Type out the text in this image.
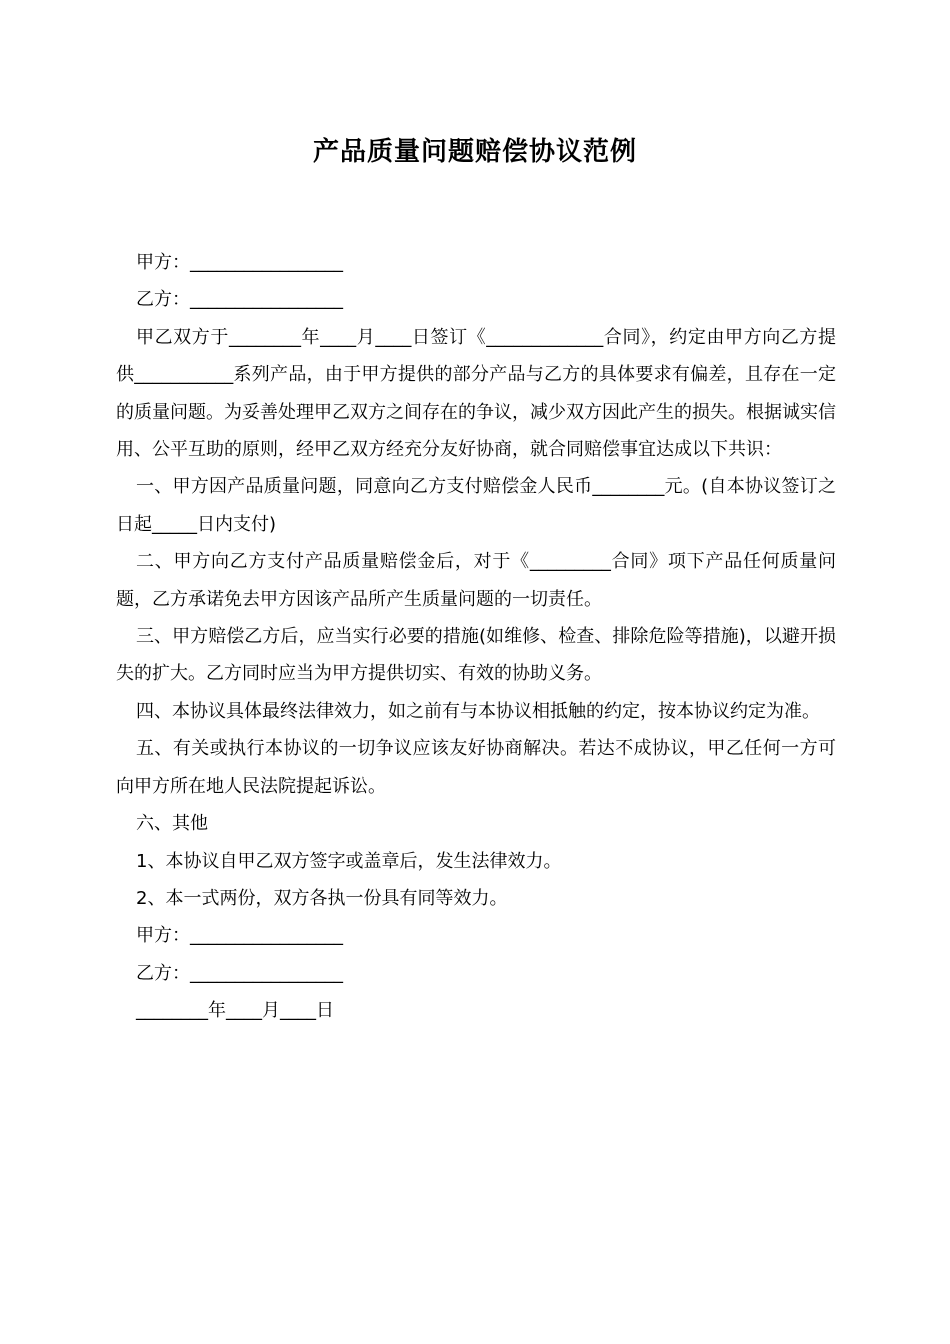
产品质量问题赔偿协议范例

甲方：_________________

乙方：_________________

甲乙双方于________年____月____日签订《_____________合同》，约定由甲方向乙方提供___________系列产品，由于甲方提供的部分产品与乙方的具体要求有偏差，且存在一定的质量问题。为妥善处理甲乙双方之间存在的争议，减少双方因此产生的损失。根据诚实信用、公平互助的原则，经甲乙双方经充分友好协商，就合同赔偿事宜达成以下共识：

一、甲方因产品质量问题，同意向乙方支付赔偿金人民币________元。(自本协议签订之日起_____日内支付)

二、甲方向乙方支付产品质量赔偿金后，对于《_________合同》项下产品任何质量问题，乙方承诺免去甲方因该产品所产生质量问题的一切责任。

三、甲方赔偿乙方后，应当实行必要的措施(如维修、检查、排除危险等措施)，以避开损失的扩大。乙方同时应当为甲方提供切实、有效的协助义务。

四、本协议具体最终法律效力，如之前有与本协议相抵触的约定，按本协议约定为准。

五、有关或执行本协议的一切争议应该友好协商解决。若达不成协议，甲乙任何一方可向甲方所在地人民法院提起诉讼。

六、其他

1、本协议自甲乙双方签字或盖章后，发生法律效力。

2、本一式两份，双方各执一份具有同等效力。

甲方：_________________

乙方：_________________

________年____月____日
